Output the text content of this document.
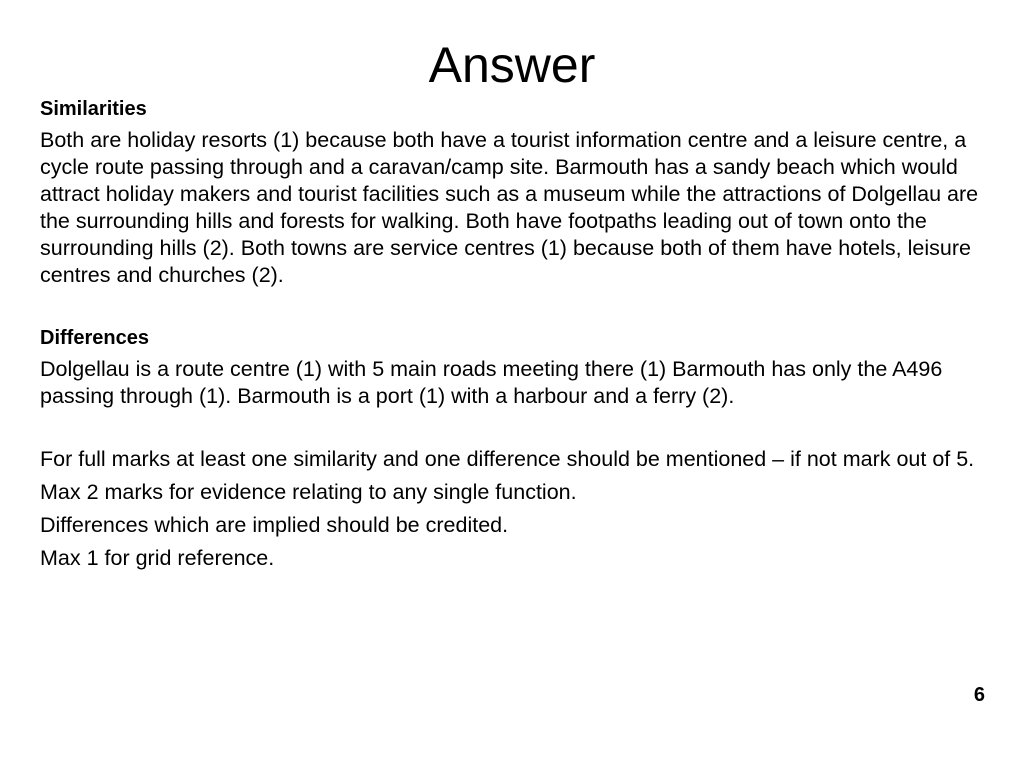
Answer
Similarities
Both are holiday resorts (1) because both have a tourist information centre and a leisure centre, a cycle route passing through and a caravan/camp site. Barmouth has a sandy beach which would attract holiday makers and tourist facilities such as a museum while the attractions of Dolgellau are the surrounding hills and forests for walking. Both have footpaths leading out of town onto the surrounding hills (2). Both towns are service centres (1) because both of them have hotels, leisure centres and churches (2).
Differences
Dolgellau is a route centre (1) with 5 main roads meeting there (1) Barmouth has only the A496 passing through (1). Barmouth is a port (1) with a harbour and a ferry (2).
For full marks at least one similarity and one difference should be mentioned – if not mark out of 5.
Max 2 marks for evidence relating to any single function.
Differences which are implied should be credited.
Max 1 for grid reference.
6
